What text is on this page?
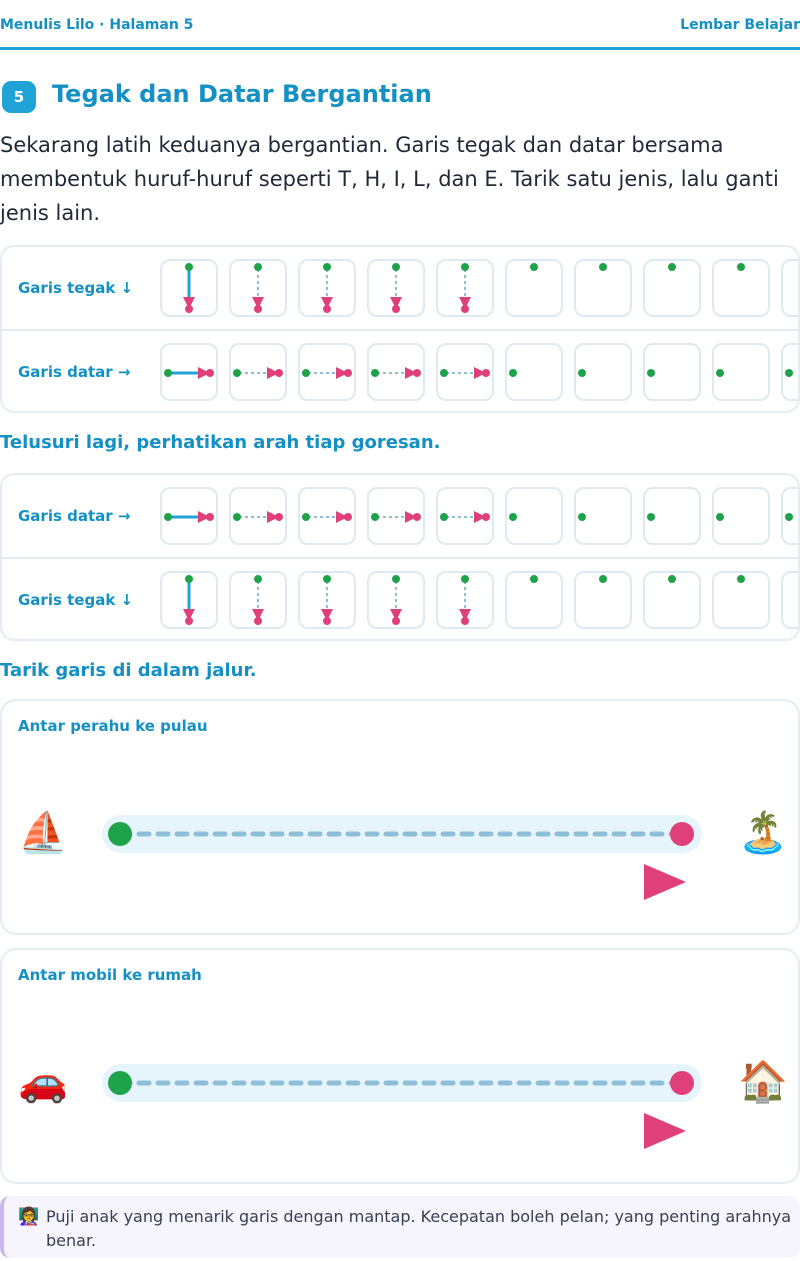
Menulis Lilo · Halaman 5	Lembar Belajar
5	Tegak dan Datar Bergantian

Sekarang latih keduanya bergantian. Garis tegak dan datar bersama membentuk huruf-huruf seperti T, H, I, L, dan E. Tarik satu jenis, lalu ganti jenis lain.

Garis tegak ↓
Garis datar →
Telusuri lagi, perhatikan arah tiap goresan.
Garis datar →
Garis tegak ↓
Tarik garis di dalam jalur.
Antar perahu ke pulau
⛵	🏝️
Antar mobil ke rumah
🚗	🏠
👩‍🏫 Puji anak yang menarik garis dengan mantap. Kecepatan boleh pelan; yang penting arahnya benar.
